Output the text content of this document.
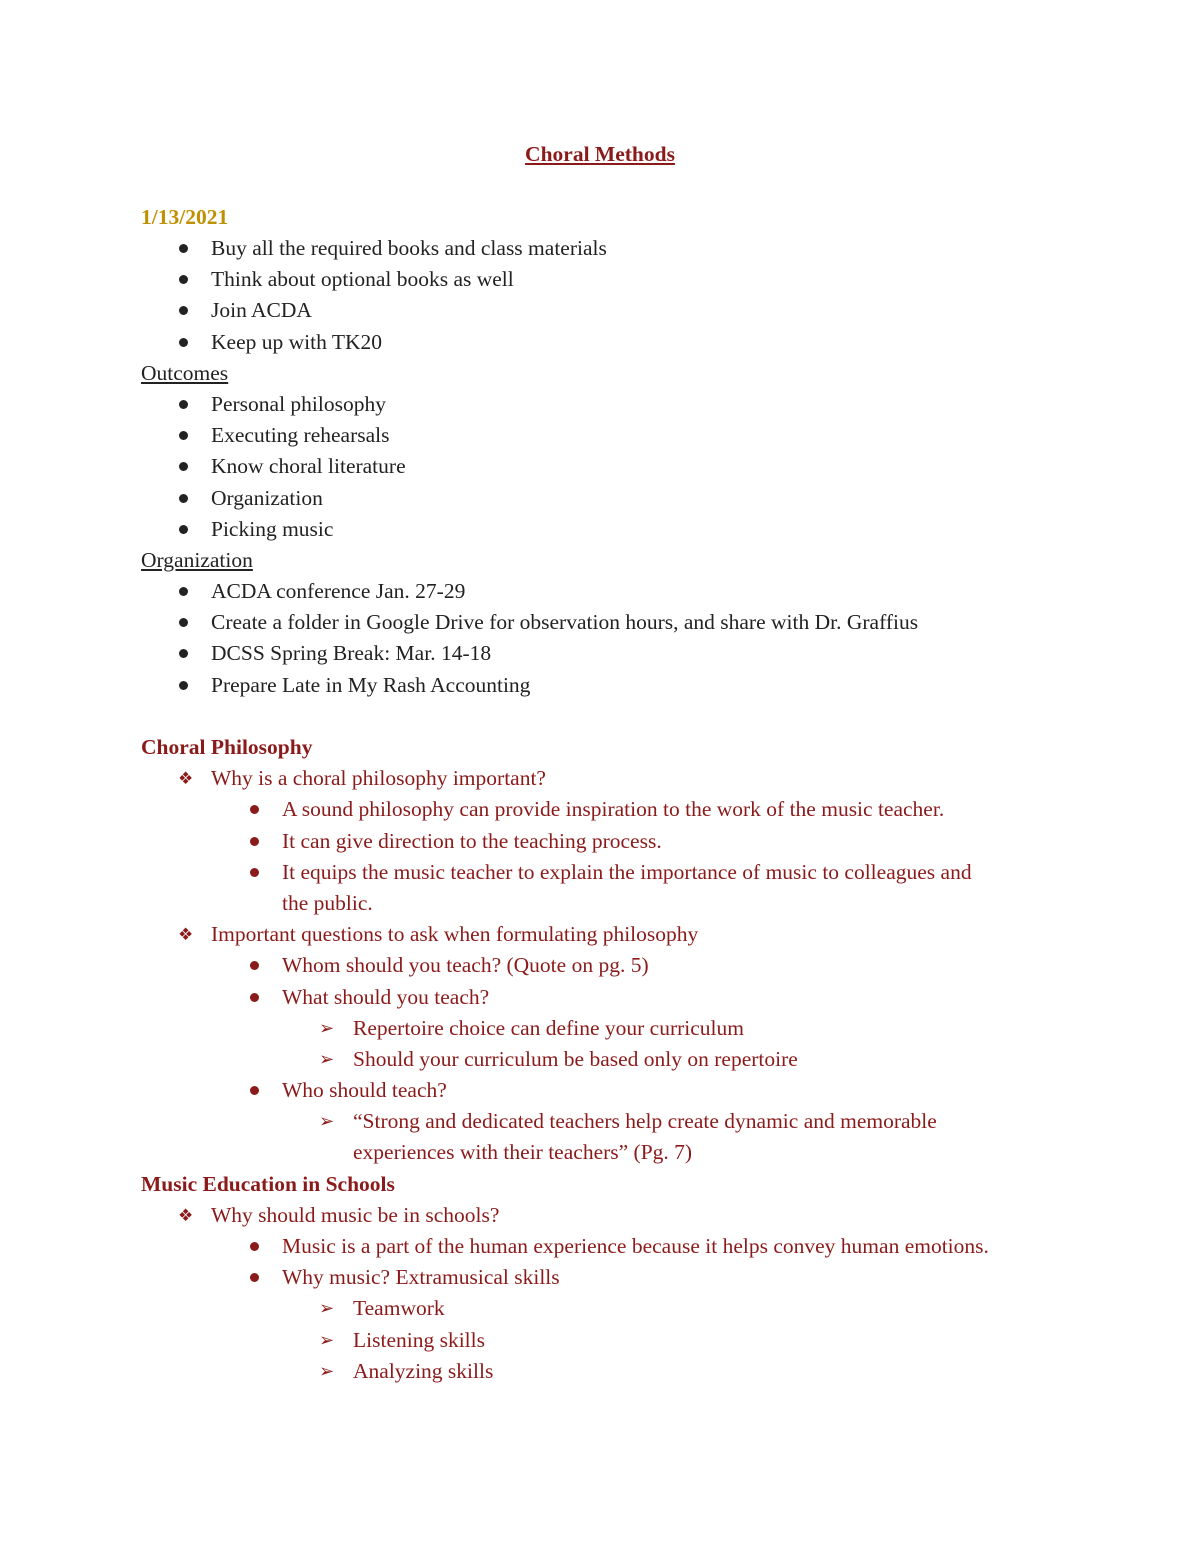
Choral Methods
1/13/2021
Buy all the required books and class materials
Think about optional books as well
Join ACDA
Keep up with TK20
Outcomes
Personal philosophy
Executing rehearsals
Know choral literature
Organization
Picking music
Organization
ACDA conference Jan. 27-29
Create a folder in Google Drive for observation hours, and share with Dr. Graffius
DCSS Spring Break: Mar. 14-18
Prepare Late in My Rash Accounting
Choral Philosophy
❖ Why is a choral philosophy important?
A sound philosophy can provide inspiration to the work of the music teacher.
It can give direction to the teaching process.
It equips the music teacher to explain the importance of music to colleagues and
the public.
❖ Important questions to ask when formulating philosophy
Whom should you teach? (Quote on pg. 5)
What should you teach?
➢ Repertoire choice can define your curriculum
➢ Should your curriculum be based only on repertoire
Who should teach?
➢ “Strong and dedicated teachers help create dynamic and memorable
experiences with their teachers” (Pg. 7)
Music Education in Schools
❖ Why should music be in schools?
Music is a part of the human experience because it helps convey human emotions.
Why music? Extramusical skills
➢ Teamwork
➢ Listening skills
➢ Analyzing skills
